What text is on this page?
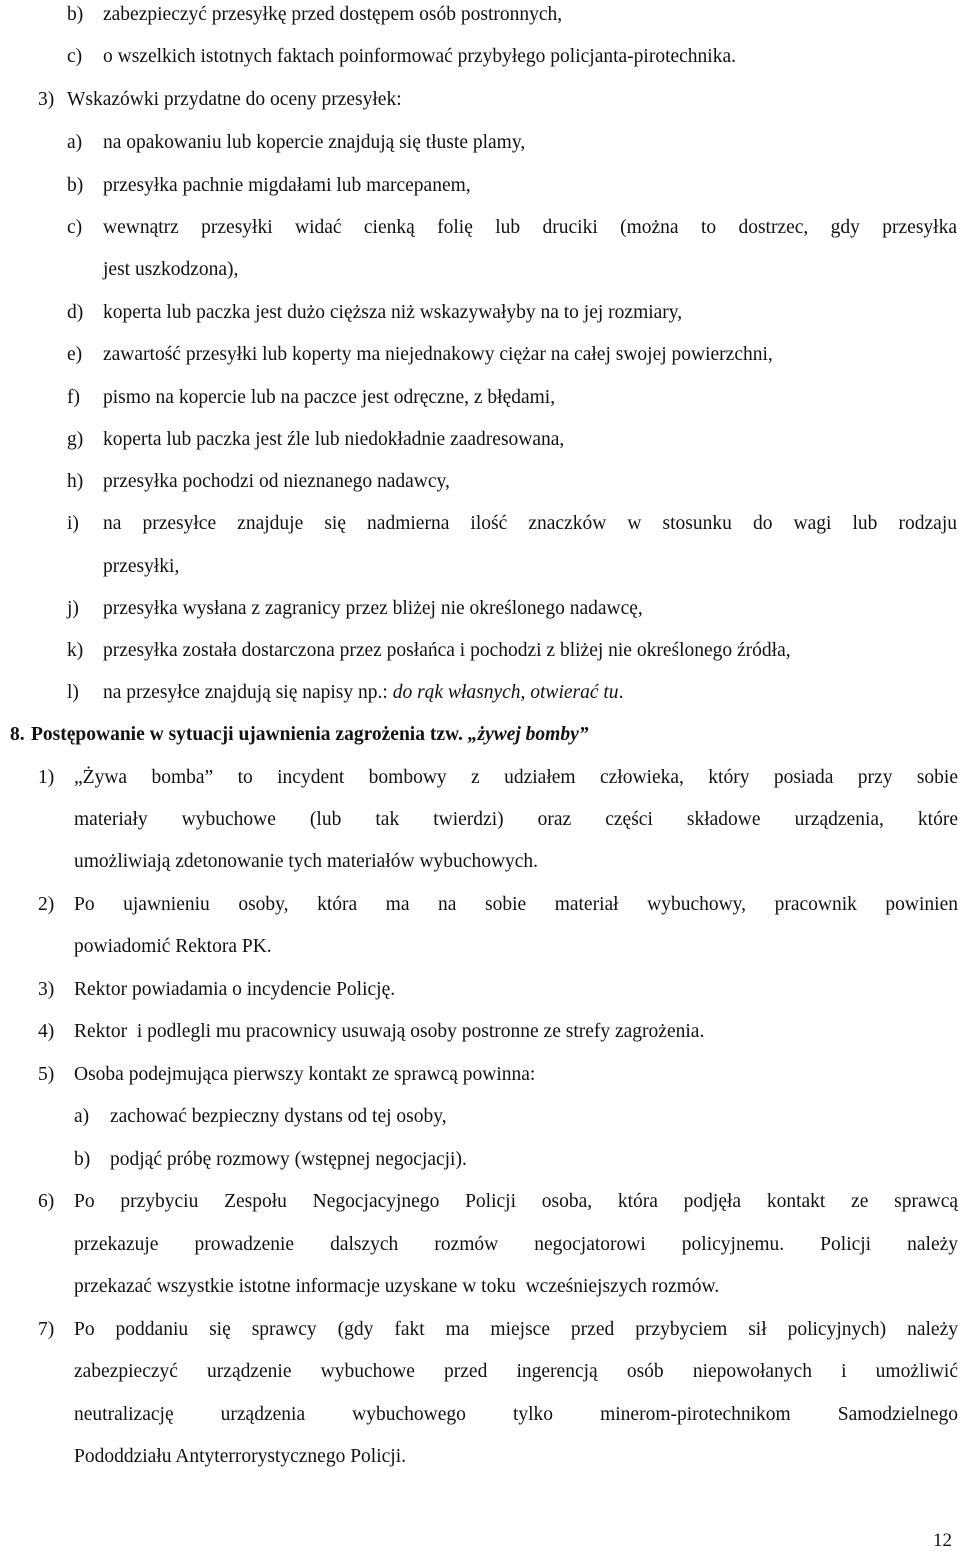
b) zabezpieczyć przesyłkę przed dostępem osób postronnych,
c) o wszelkich istotnych faktach poinformować przybyłego policjanta-pirotechnika.
3) Wskazówki przydatne do oceny przesyłek:
a) na opakowaniu lub kopercie znajdują się tłuste plamy,
b) przesyłka pachnie migdałami lub marcepanem,
c) wewnątrz przesyłki widać cienką folię lub druciki (można to dostrzec, gdy przesyłka
jest uszkodzona),
d) koperta lub paczka jest dużo cięższa niż wskazywałyby na to jej rozmiary,
e) zawartość przesyłki lub koperty ma niejednakowy ciężar na całej swojej powierzchni,
f) pismo na kopercie lub na paczce jest odręczne, z błędami,
g) koperta lub paczka jest źle lub niedokładnie zaadresowana,
h) przesyłka pochodzi od nieznanego nadawcy,
i) na przesyłce znajduje się nadmierna ilość znaczków w stosunku do wagi lub rodzaju
przesyłki,
j) przesyłka wysłana z zagranicy przez bliżej nie określonego nadawcę,
k) przesyłka została dostarczona przez posłańca i pochodzi z bliżej nie określonego źródła,
l) na przesyłce znajdują się napisy np.: do rąk własnych, otwierać tu.
8. Postępowanie w sytuacji ujawnienia zagrożenia tzw. „żywej bomby”
1) „Żywa bomba” to incydent bombowy z udziałem człowieka, który posiada przy sobie
materiały wybuchowe (lub tak twierdzi) oraz części składowe urządzenia, które
umożliwiają zdetonowanie tych materiałów wybuchowych.
2) Po ujawnieniu osoby, która ma na sobie materiał wybuchowy, pracownik powinien
powiadomić Rektora PK.
3) Rektor powiadamia o incydencie Policję.
4) Rektor  i podlegli mu pracownicy usuwają osoby postronne ze strefy zagrożenia.
5) Osoba podejmująca pierwszy kontakt ze sprawcą powinna:
a) zachować bezpieczny dystans od tej osoby,
b) podjąć próbę rozmowy (wstępnej negocjacji).
6) Po przybyciu Zespołu Negocjacyjnego Policji osoba, która podjęła kontakt ze sprawcą
przekazuje prowadzenie dalszych rozmów negocjatorowi policyjnemu. Policji należy
przekazać wszystkie istotne informacje uzyskane w toku  wcześniejszych rozmów.
7) Po poddaniu się sprawcy (gdy fakt ma miejsce przed przybyciem sił policyjnych) należy
zabezpieczyć urządzenie wybuchowe przed ingerencją osób niepowołanych i umożliwić
neutralizację urządzenia wybuchowego tylko minerom-pirotechnikom Samodzielnego
Pododdziału Antyterrorystycznego Policji.
12
